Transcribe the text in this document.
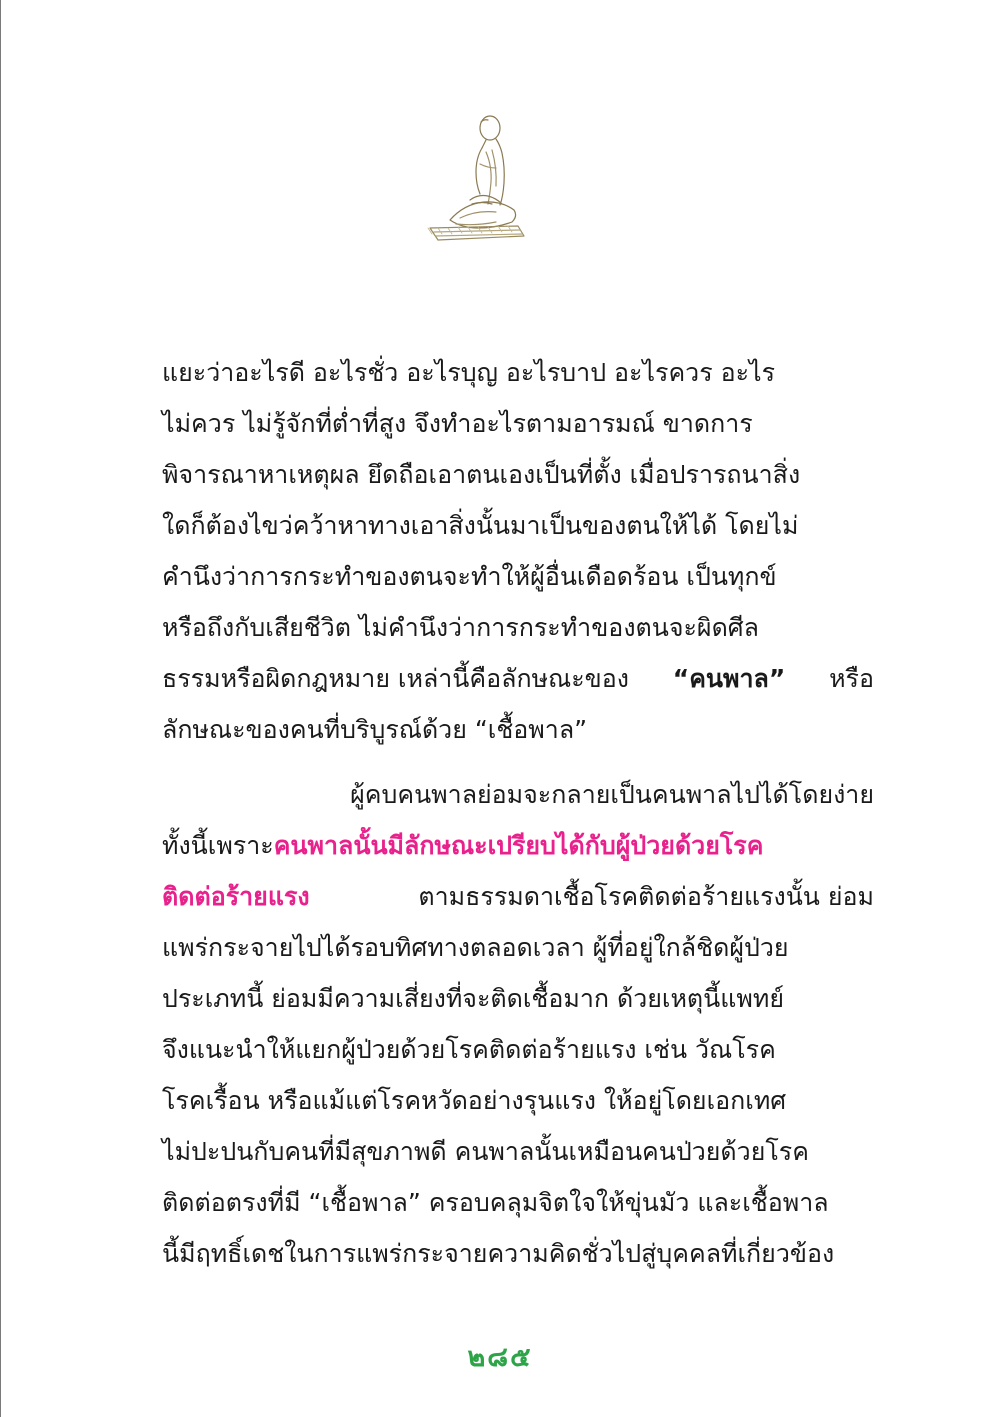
แยะว่าอะไรดี อะไรชั่ว อะไรบุญ อะไรบาป อะไรควร อะไร
ไม่ควร ไม่รู้จักที่ต่ำที่สูง จึงทำอะไรตามอารมณ์ ขาดการ
พิจารณาหาเหตุผล ยึดถือเอาตนเองเป็นที่ตั้ง เมื่อปรารถนาสิ่ง
ใดก็ต้องไขว่คว้าหาทางเอาสิ่งนั้นมาเป็นของตนให้ได้ โดยไม่
คำนึงว่าการกระทำของตนจะทำให้ผู้อื่นเดือดร้อน เป็นทุกข์
หรือถึงกับเสียชีวิต ไม่คำนึงว่าการกระทำของตนจะผิดศีล
ธรรมหรือผิดกฎหมาย เหล่านี้คือลักษณะของ “คนพาล” หรือ
ลักษณะของคนที่บริบูรณ์ด้วย “เชื้อพาล”
ผู้คบคนพาลย่อมจะกลายเป็นคนพาลไปได้โดยง่าย
ทั้งนี้เพราะ คนพาลนั้นมีลักษณะเปรียบได้กับผู้ป่วยด้วยโรค
ติดต่อร้ายแรง	ตามธรรมดาเชื้อโรคติดต่อร้ายแรงนั้น ย่อม
แพร่กระจายไปได้รอบทิศทางตลอดเวลา ผู้ที่อยู่ใกล้ชิดผู้ป่วย
ประเภทนี้ ย่อมมีความเสี่ยงที่จะติดเชื้อมาก ด้วยเหตุนี้แพทย์
จึงแนะนำให้แยกผู้ป่วยด้วยโรคติดต่อร้ายแรง เช่น วัณโรค
โรคเรื้อน หรือแม้แต่โรคหวัดอย่างรุนแรง ให้อยู่โดยเอกเทศ
ไม่ปะปนกับคนที่มีสุขภาพดี คนพาลนั้นเหมือนคนป่วยด้วยโรค
ติดต่อตรงที่มี “เชื้อพาล” ครอบคลุมจิตใจให้ขุ่นมัว และเชื้อพาล
นี้มีฤทธิ์เดชในการแพร่กระจายความคิดชั่วไปสู่บุคคลที่เกี่ยวข้อง
๒๘๕
